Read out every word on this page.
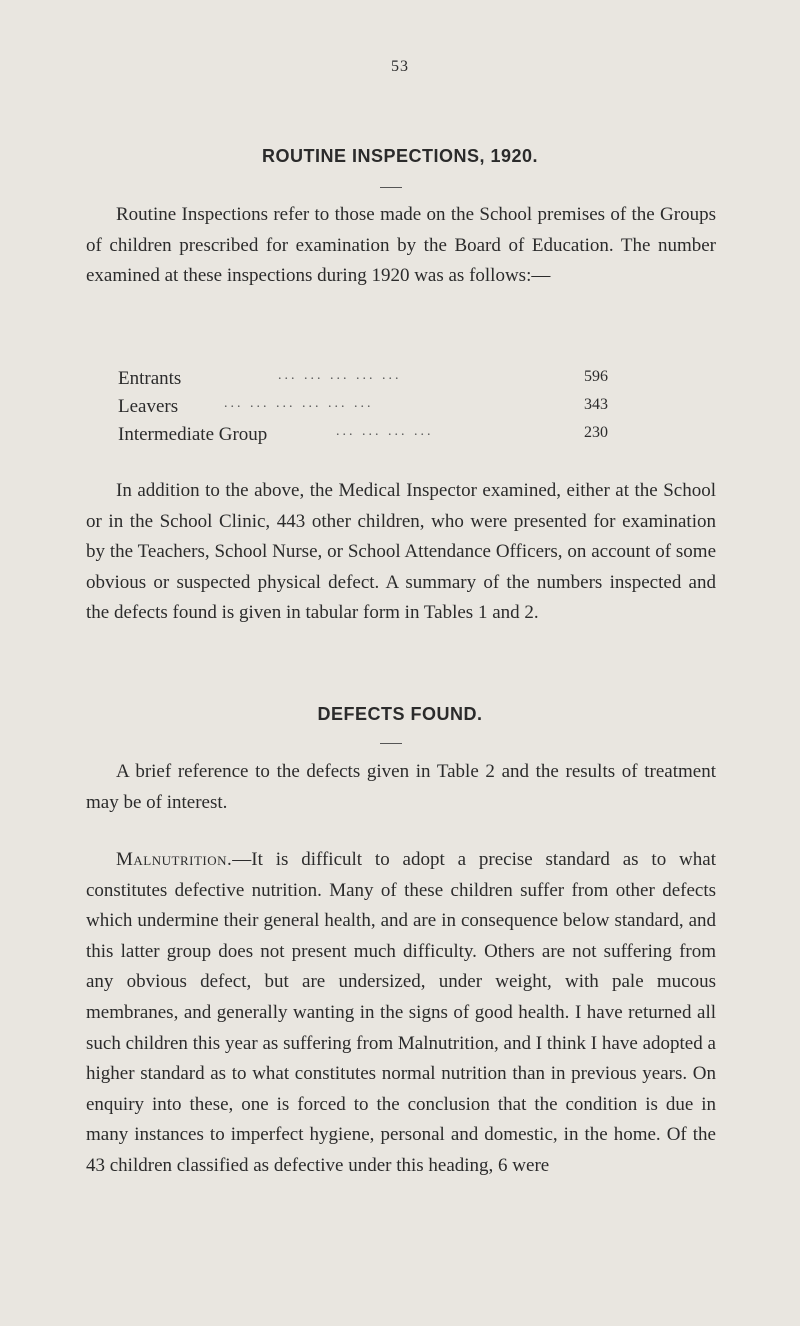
53
ROUTINE INSPECTIONS, 1920.

Routine Inspections refer to those made on the School premises of the Groups of children prescribed for examination by the Board of Education. The number examined at these inspections during 1920 was as follows:—

Entrants	... ... ... ... ...	596
Leavers	... ... ... ... ... ...	343
Intermediate Group	... ... ... ...	230

In addition to the above, the Medical Inspector examined, either at the School or in the School Clinic, 443 other children, who were presented for examination by the Teachers, School Nurse, or School Attendance Officers, on account of some obvious or suspected physical defect. A summary of the numbers inspected and the defects found is given in tabular form in Tables 1 and 2.

DEFECTS FOUND.

A brief reference to the defects given in Table 2 and the results of treatment may be of interest.

Malnutrition.—It is difficult to adopt a precise standard as to what constitutes defective nutrition. Many of these children suffer from other defects which undermine their general health, and are in consequence below standard, and this latter group does not present much difficulty. Others are not suffering from any obvious defect, but are undersized, under weight, with pale mucous membranes, and generally wanting in the signs of good health. I have returned all such children this year as suffering from Malnutrition, and I think I have adopted a higher standard as to what constitutes normal nutrition than in previous years. On enquiry into these, one is forced to the conclusion that the condition is due in many instances to imperfect hygiene, personal and domestic, in the home. Of the 43 children classified as defective under this heading, 6 were
